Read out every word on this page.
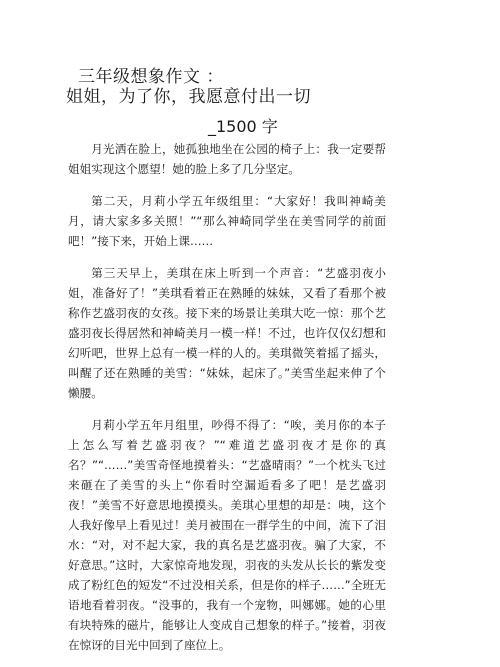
三年级想象作文 ：
姐姐，为了你，我愿意付出一切
_1500 字

月光洒在脸上，她孤独地坐在公园的椅子上：我一定要帮姐姐实现这个愿望！她的脸上多了几分坚定。

第二天，月莉小学五年级组里：“大家好！我叫神崎美月，请大家多多关照！”“那么神崎同学坐在美雪同学的前面吧！”接下来，开始上课……

第三天早上，美琪在床上听到一个声音：“艺盛羽夜小姐，准备好了！”美琪看着正在熟睡的妹妹，又看了看那个被称作艺盛羽夜的女孩。接下来的场景让美琪大吃一惊：那个艺盛羽夜长得居然和神崎美月一模一样！不过，也许仅仅幻想和幻听吧，世界上总有一模一样的人的。美琪微笑着摇了摇头，叫醒了还在熟睡的美雪：“妹妹，起床了。”美雪坐起来伸了个懒腰。

月莉小学五年月组里，吵得不得了：“唉，美月你的本子上怎么写着艺盛羽夜？”“难道艺盛羽夜才是你的真名？”“……”美雪奇怪地摸着头：“艺盛晴雨？”一个枕头飞过来砸在了美雪的头上“你看时空漏逅看多了吧！是艺盛羽夜！”美雪不好意思地摸摸头。美琪心里想的却是：咦，这个人我好像早上看见过！美月被围在一群学生的中间，流下了泪水：“对，对不起大家，我的真名是艺盛羽夜。骗了大家，不好意思。”这时，大家惊奇地发现，羽夜的头发从长长的紫发变成了粉红色的短发“不过没相关系，但是你的样子……”全班无语地看着羽夜。“没事的，我有一个宠物，叫娜娜。她的心里有块特殊的磁片，能够让人变成自己想象的样子。”接着，羽夜在惊讶的目光中回到了座位上。
